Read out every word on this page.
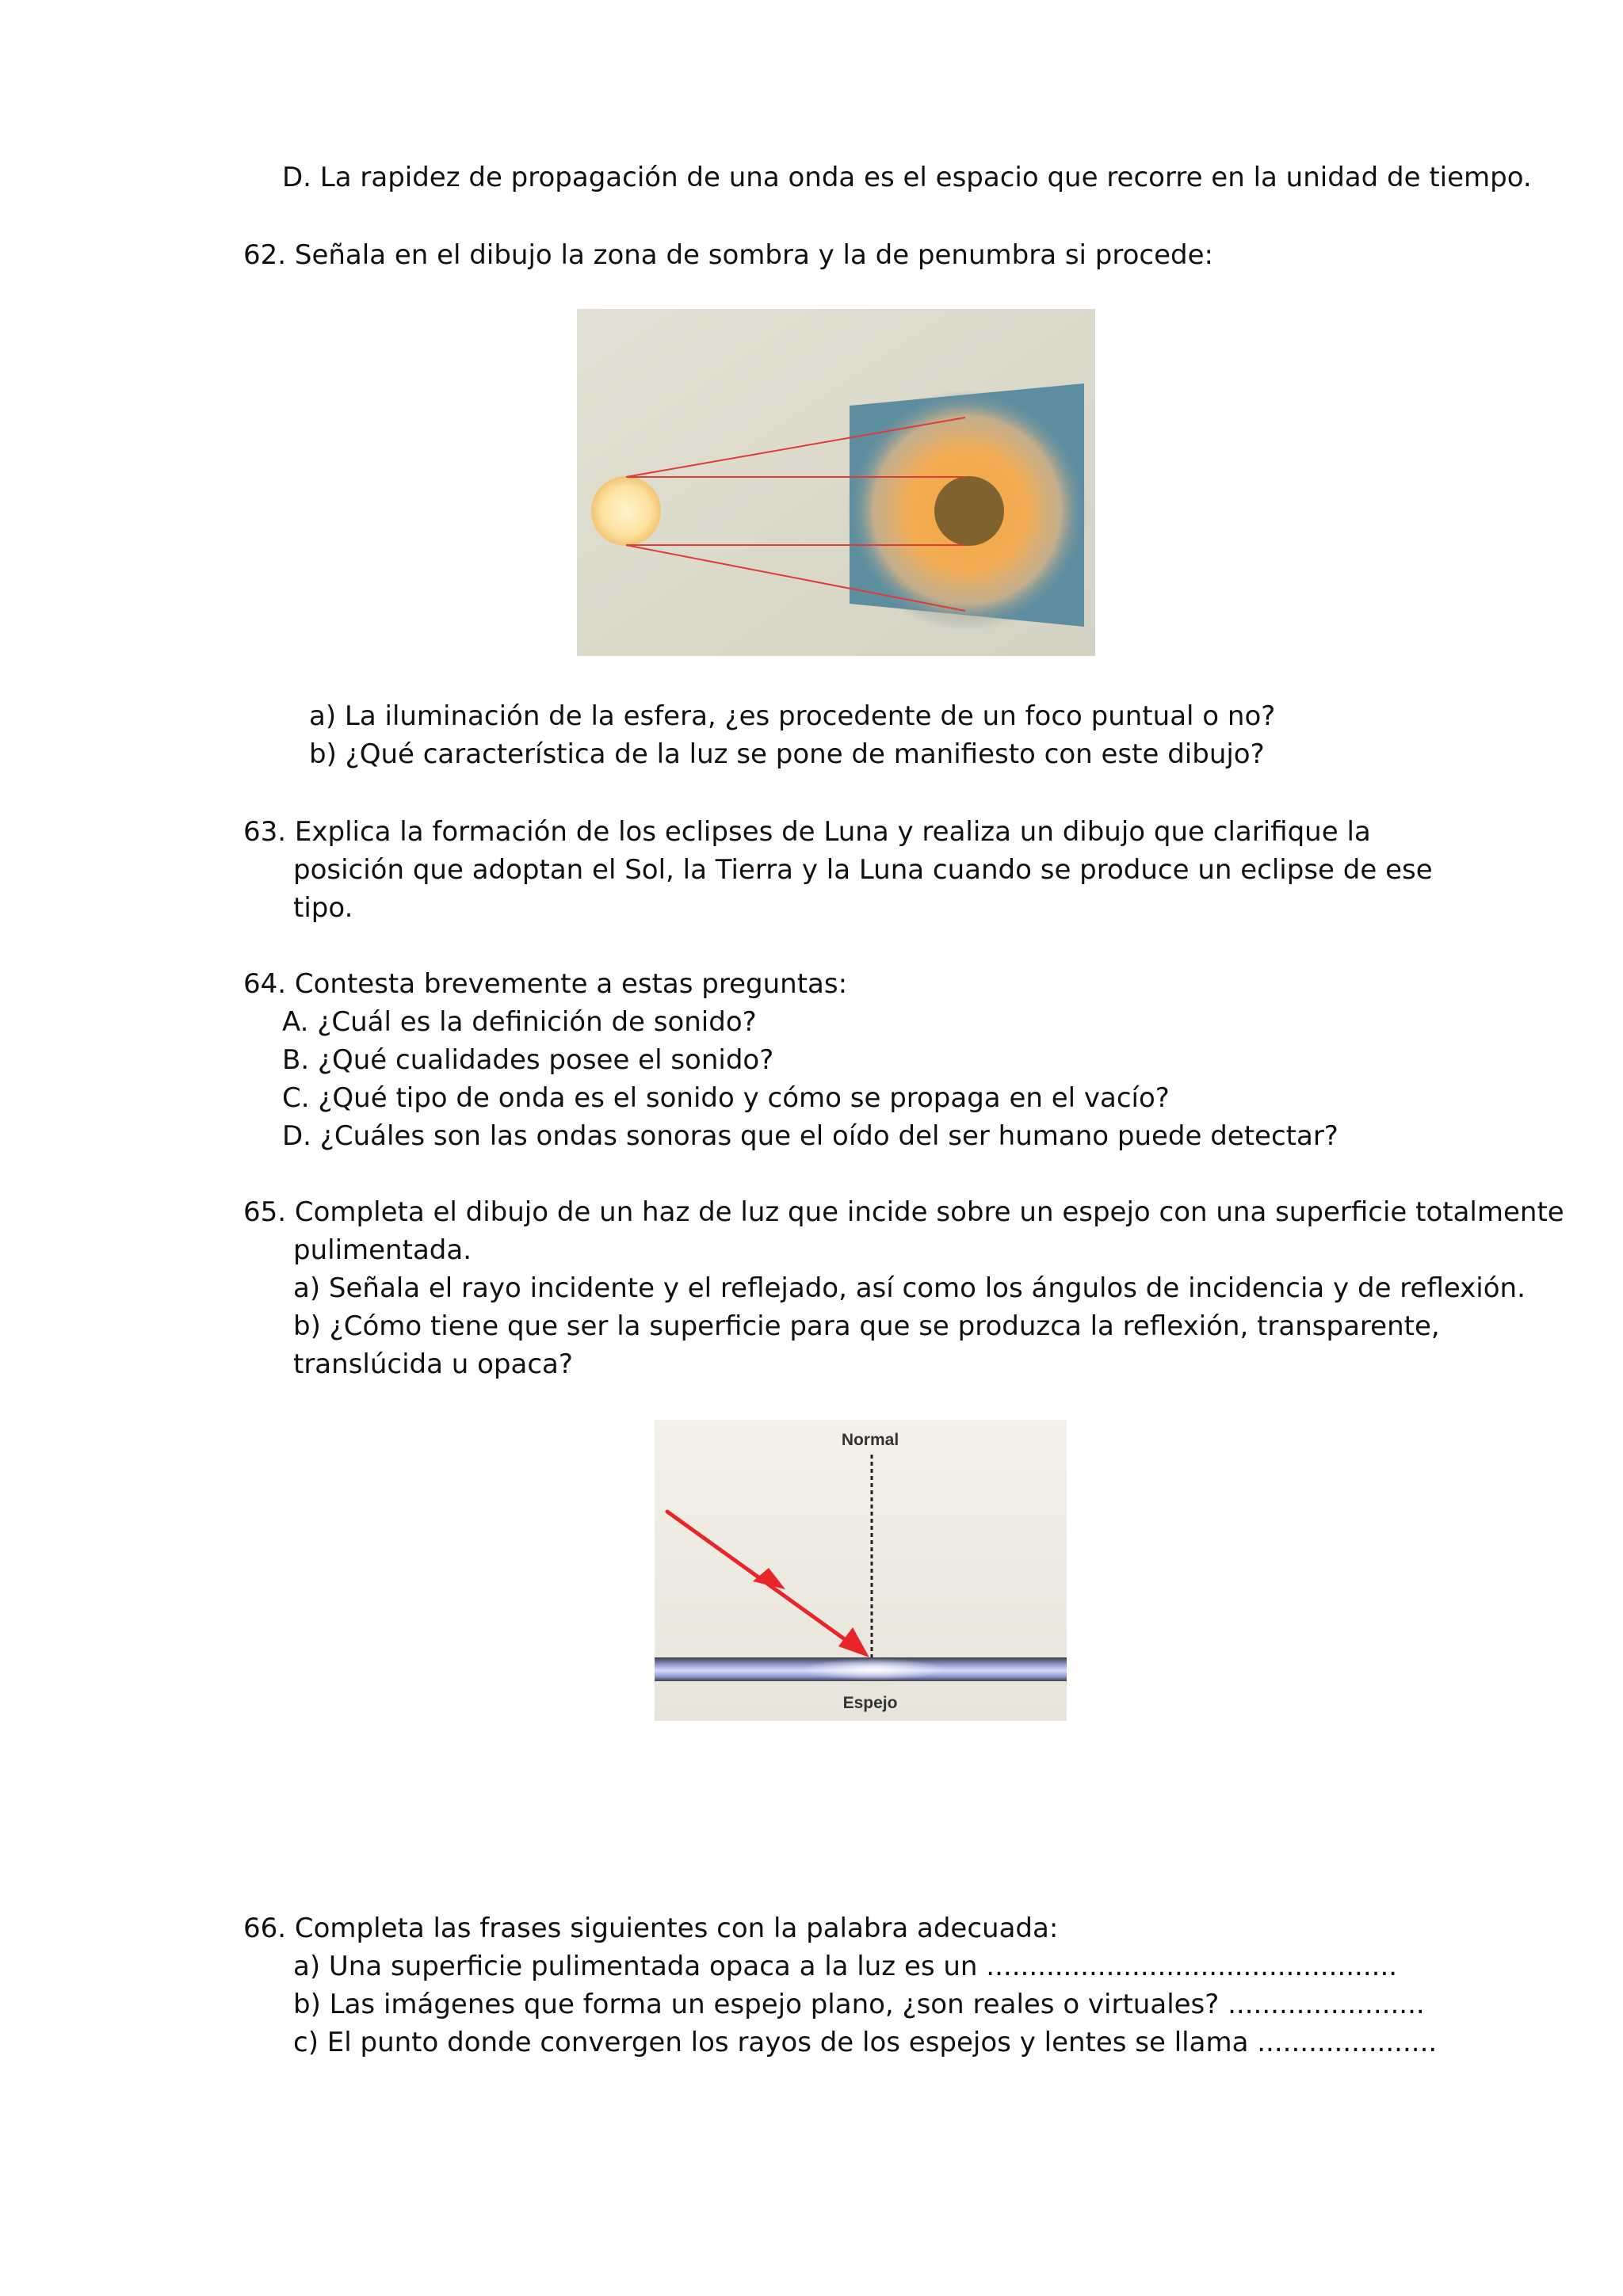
D. La rapidez de propagación de una onda es el espacio que recorre en la unidad de tiempo.

62. Señala en el dibujo la zona de sombra y la de penumbra si procede:

a) La iluminación de la esfera, ¿es procedente de un foco puntual o no?

b) ¿Qué característica de la luz se pone de manifiesto con este dibujo?

63. Explica la formación de los eclipses de Luna y realiza un dibujo que clarifique la

posición que adoptan el Sol, la Tierra y la Luna cuando se produce un eclipse de ese

tipo.

64. Contesta brevemente a estas preguntas:

A. ¿Cuál es la definición de sonido?

B. ¿Qué cualidades posee el sonido?

C. ¿Qué tipo de onda es el sonido y cómo se propaga en el vacío?

D. ¿Cuáles son las ondas sonoras que el oído del ser humano puede detectar?

65. Completa el dibujo de un haz de luz que incide sobre un espejo con una superficie totalmente

pulimentada.

a) Señala el rayo incidente y el reflejado, así como los ángulos de incidencia y de reflexión.

b) ¿Cómo tiene que ser la superficie para que se produzca la reflexión, transparente,

translúcida u opaca?

Normal
Espejo

66. Completa las frases siguientes con la palabra adecuada:

a) Una superficie pulimentada opaca a la luz es un ................................................

b) Las imágenes que forma un espejo plano, ¿son reales o virtuales? .......................

c) El punto donde convergen los rayos de los espejos y lentes se llama .....................
